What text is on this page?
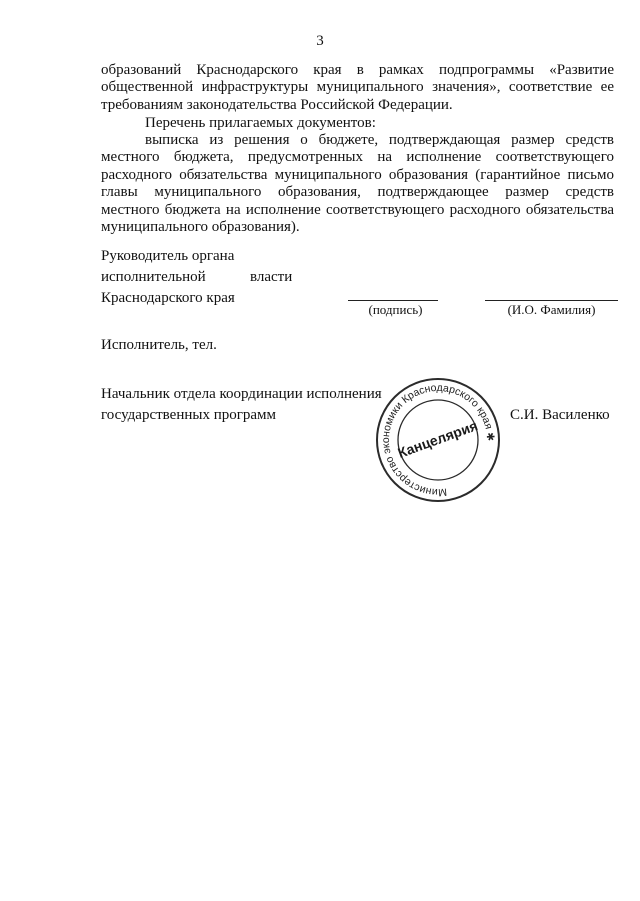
3
образований Краснодарского края в рамках подпрограммы «Развитие
общественной инфраструктуры муниципального значения», соответствие ее
требованиям законодательства Российской Федерации.
Перечень прилагаемых документов:
выписка из решения о бюджете, подтверждающая размер средств
местного бюджета, предусмотренных на исполнение соответствующего
расходного обязательства муниципального образования (гарантийное письмо
главы муниципального образования, подтверждающее размер средств
местного бюджета на исполнение соответствующего расходного обязательства
муниципального образования).
Руководитель органа
исполнительной	власти
Краснодарского края
(подпись)	(И.О. Фамилия)
Исполнитель, тел.
Начальник отдела координации исполнения
государственных программ	С.И. Василенко
Министерство экономики Краснодарского края ✱
Канцелярия
